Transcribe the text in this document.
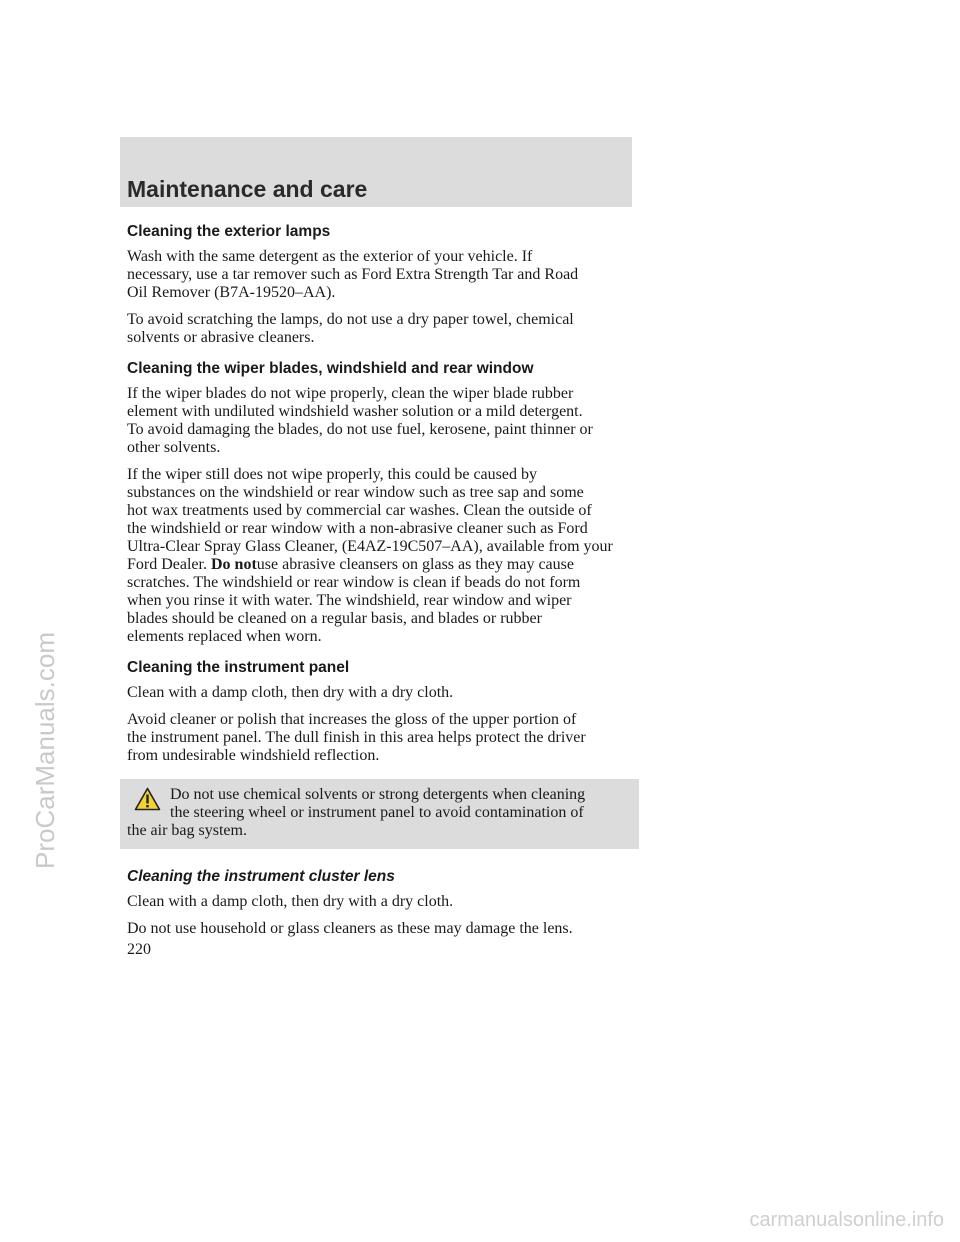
Maintenance and care
Cleaning the exterior lamps

Wash with the same detergent as the exterior of your vehicle. If
necessary, use a tar remover such as Ford Extra Strength Tar and Road
Oil Remover (B7A-19520–AA).

To avoid scratching the lamps, do not use a dry paper towel, chemical
solvents or abrasive cleaners.

Cleaning the wiper blades, windshield and rear window

If the wiper blades do not wipe properly, clean the wiper blade rubber
element with undiluted windshield washer solution or a mild detergent.
To avoid damaging the blades, do not use fuel, kerosene, paint thinner or
other solvents.

If the wiper still does not wipe properly, this could be caused by
substances on the windshield or rear window such as tree sap and some
hot wax treatments used by commercial car washes. Clean the outside of
the windshield or rear window with a non-abrasive cleaner such as Ford
Ultra-Clear Spray Glass Cleaner, (E4AZ-19C507–AA), available from your
Ford Dealer. Do notuse abrasive cleansers on glass as they may cause
scratches. The windshield or rear window is clean if beads do not form
when you rinse it with water. The windshield, rear window and wiper
blades should be cleaned on a regular basis, and blades or rubber
elements replaced when worn.

Cleaning the instrument panel

Clean with a damp cloth, then dry with a dry cloth.

Avoid cleaner or polish that increases the gloss of the upper portion of
the instrument panel. The dull finish in this area helps protect the driver
from undesirable windshield reflection.

Do not use chemical solvents or strong detergents when cleaning
the steering wheel or instrument panel to avoid contamination of
the air bag system.

Cleaning the instrument cluster lens

Clean with a damp cloth, then dry with a dry cloth.

Do not use household or glass cleaners as these may damage the lens.

220
ProCarManuals.com
carmanualsonline.info
